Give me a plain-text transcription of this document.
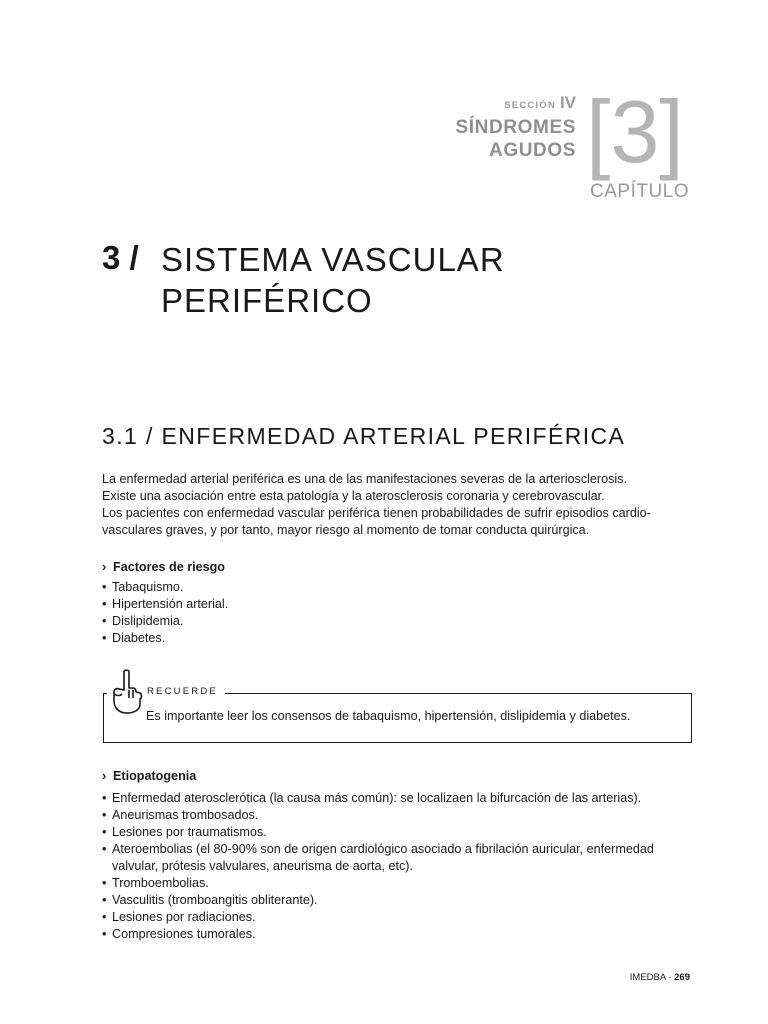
SECCIÓN IV
SÍNDROMES
AGUDOS [3]
CAPÍTULO
3 / SISTEMA VASCULAR
PERIFÉRICO
3.1 / ENFERMEDAD ARTERIAL PERIFÉRICA

La enfermedad arterial periférica es una de las manifestaciones severas de la arteriosclerosis.

Existe una asociación entre esta patología y la aterosclerosis coronaria y cerebrovascular.

Los pacientes con enfermedad vascular periférica tienen probabilidades de sufrir episodios cardio-vasculares graves, y por tanto, mayor riesgo al momento de tomar conducta quirúrgica.

› Factores de riesgo
• Tabaquismo.
• Hipertensión arterial.
• Dislipidemia.
• Diabetes.
RECUERDE
Es importante leer los consensos de tabaquismo, hipertensión, dislipidemia y diabetes.
› Etiopatogenia
• Enfermedad aterosclerótica (la causa más común): se localizaen la bifurcación de las arterias).
• Aneurismas trombosados.
• Lesiones por traumatismos.
• Ateroembolias (el 80-90% son de origen cardiológico asociado a fibrilación auricular, enfermedad valvular, prótesis valvulares, aneurisma de aorta, etc).
• Tromboembolias.
• Vasculitis (tromboangitis obliterante).
• Lesiones por radiaciones.
• Compresiones tumorales.
IMEDBA · 269
